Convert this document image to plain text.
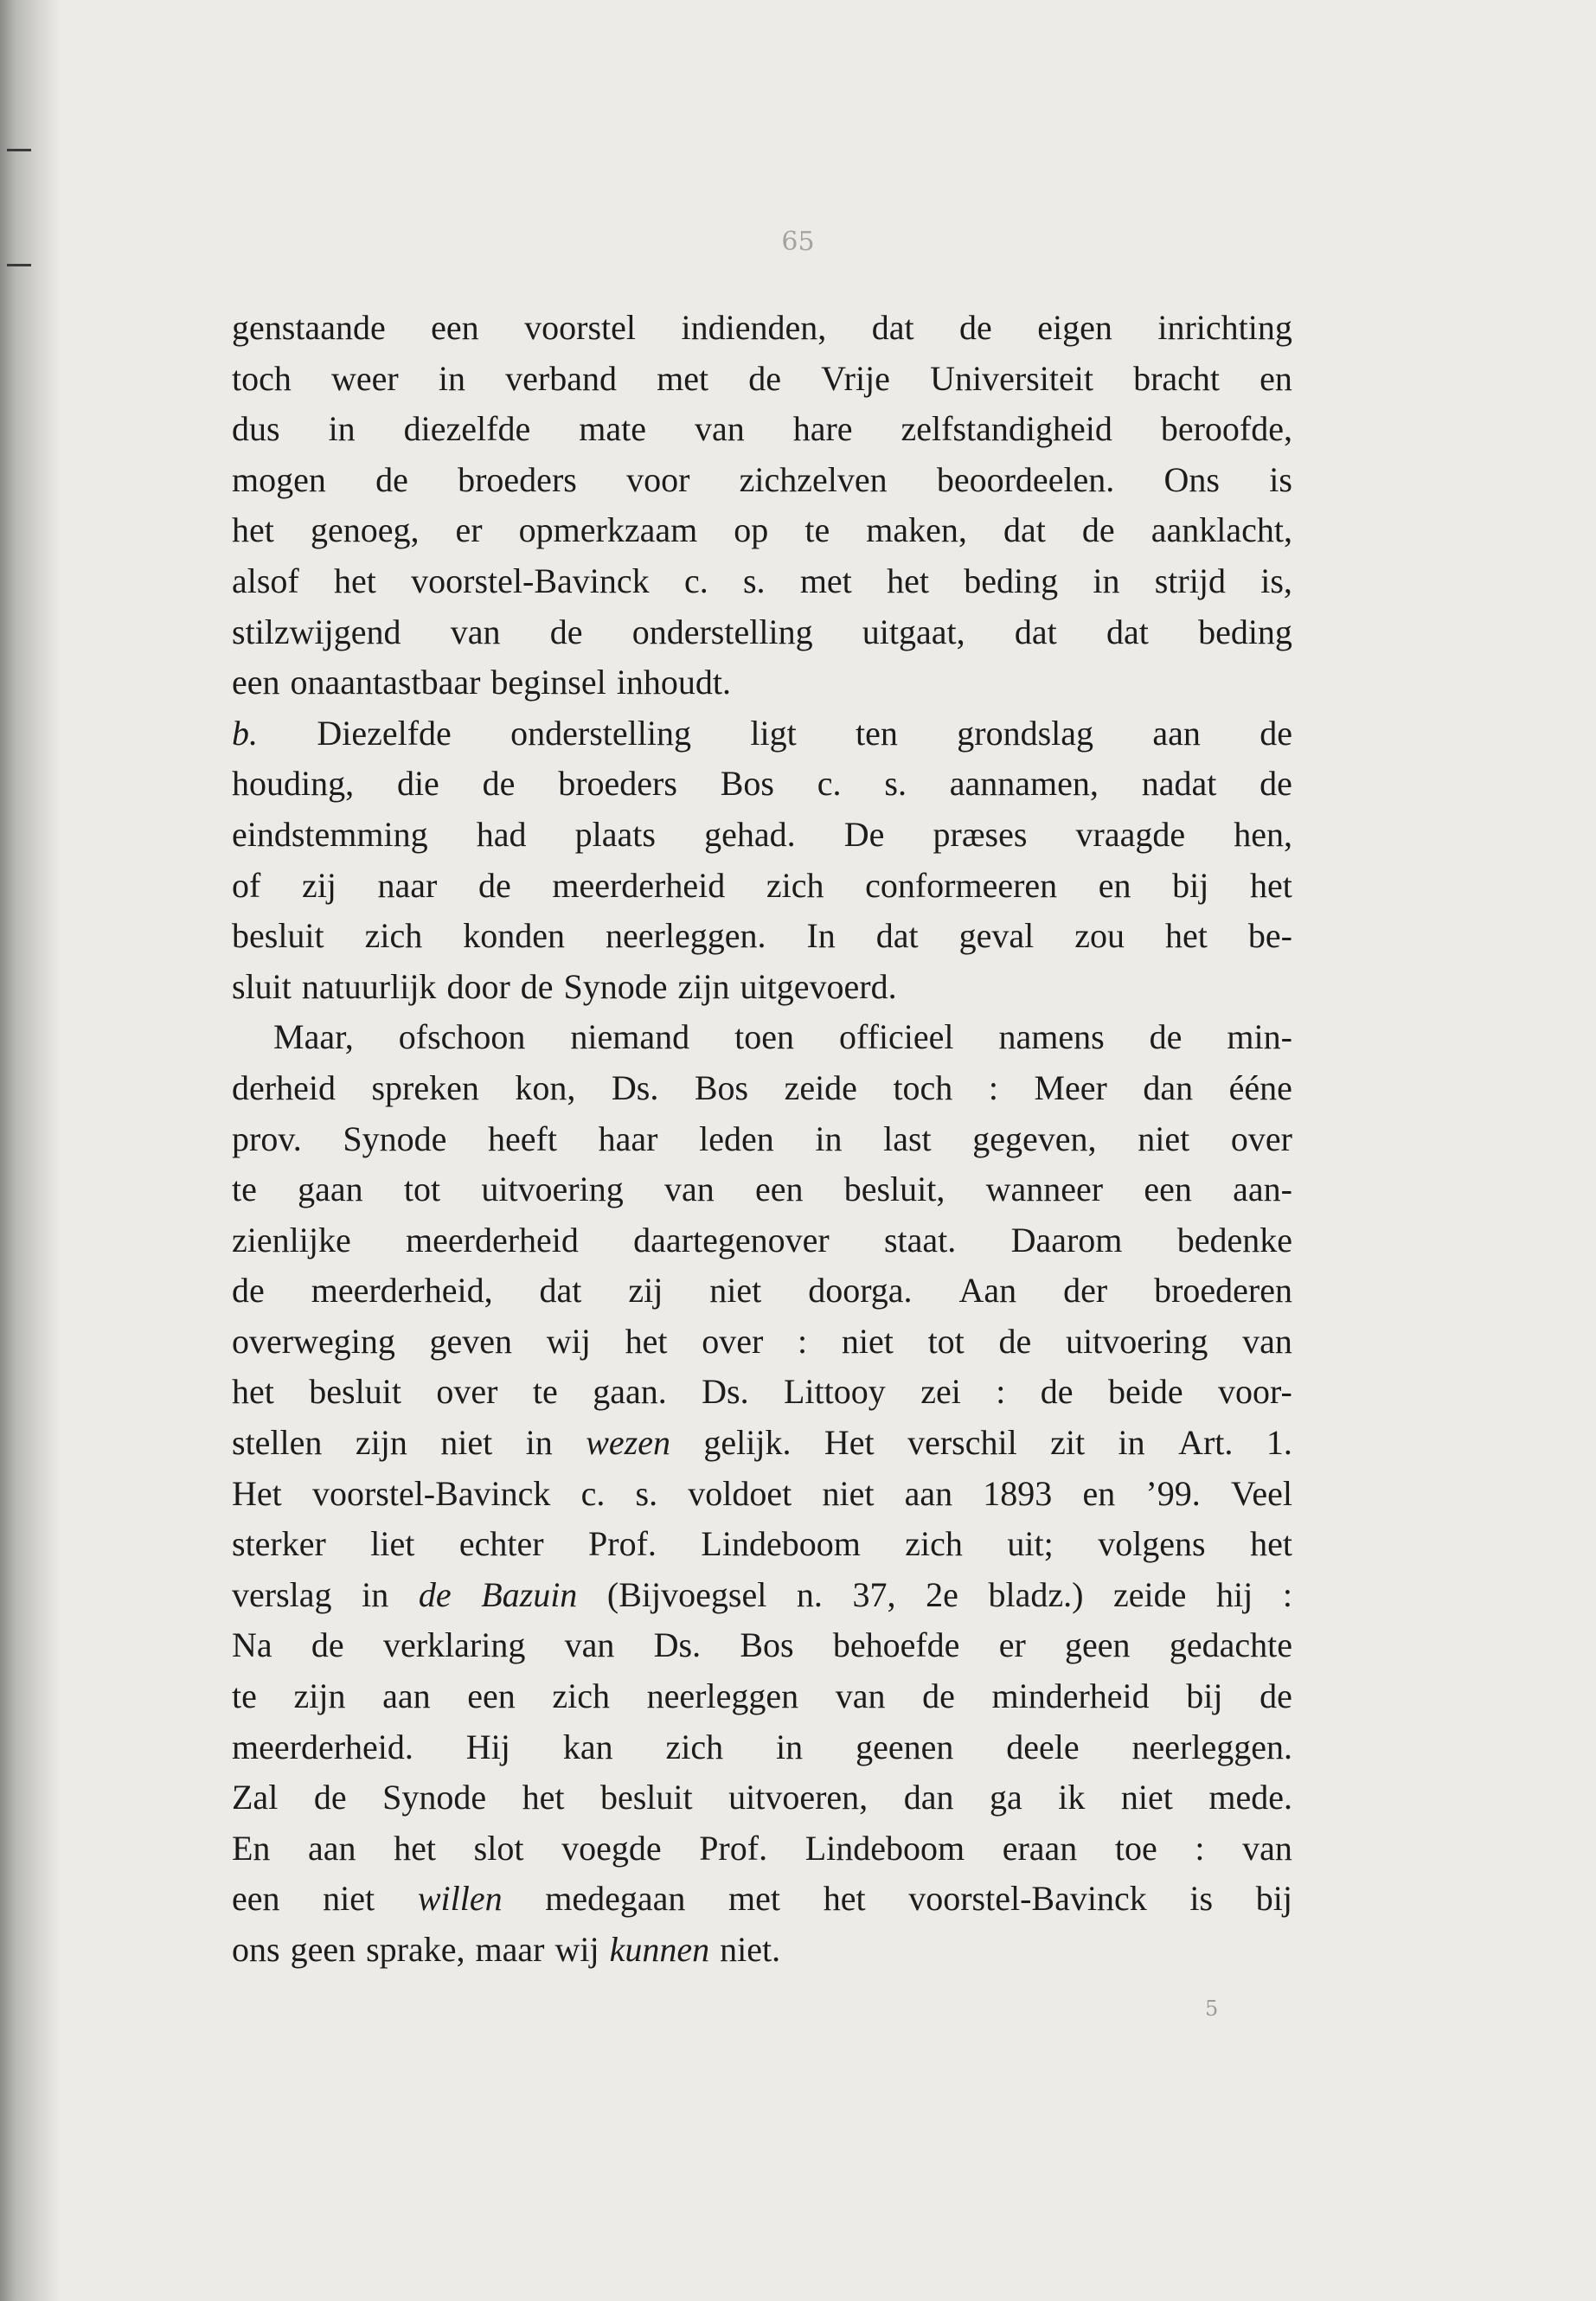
65
genstaande een voorstel indienden, dat de eigen inrichting
toch weer in verband met de Vrije Universiteit bracht en
dus in diezelfde mate van hare zelfstandigheid beroofde,
mogen de broeders voor zichzelven beoordeelen. Ons is
het genoeg, er opmerkzaam op te maken, dat de aanklacht,
alsof het voorstel-Bavinck c. s. met het beding in strijd is,
stilzwijgend van de onderstelling uitgaat, dat dat beding
een onaantastbaar beginsel inhoudt.
b. Diezelfde onderstelling ligt ten grondslag aan de
houding, die de broeders Bos c. s. aannamen, nadat de
eindstemming had plaats gehad. De præses vraagde hen,
of zij naar de meerderheid zich conformeeren en bij het
besluit zich konden neerleggen. In dat geval zou het be-
sluit natuurlijk door de Synode zijn uitgevoerd.
Maar, ofschoon niemand toen officieel namens de min-
derheid spreken kon, Ds. Bos zeide toch : Meer dan ééne
prov. Synode heeft haar leden in last gegeven, niet over
te gaan tot uitvoering van een besluit, wanneer een aan-
zienlijke meerderheid daartegenover staat. Daarom bedenke
de meerderheid, dat zij niet doorga. Aan der broederen
overweging geven wij het over : niet tot de uitvoering van
het besluit over te gaan. Ds. Littooy zei : de beide voor-
stellen zijn niet in wezen gelijk. Het verschil zit in Art. 1.
Het voorstel-Bavinck c. s. voldoet niet aan 1893 en ’99. Veel
sterker liet echter Prof. Lindeboom zich uit; volgens het
verslag in de Bazuin (Bijvoegsel n. 37, 2e bladz.) zeide hij :
Na de verklaring van Ds. Bos behoefde er geen gedachte
te zijn aan een zich neerleggen van de minderheid bij de
meerderheid. Hij kan zich in geenen deele neerleggen.
Zal de Synode het besluit uitvoeren, dan ga ik niet mede.
En aan het slot voegde Prof. Lindeboom eraan toe : van
een niet willen medegaan met het voorstel-Bavinck is bij
ons geen sprake, maar wij kunnen niet.
5
